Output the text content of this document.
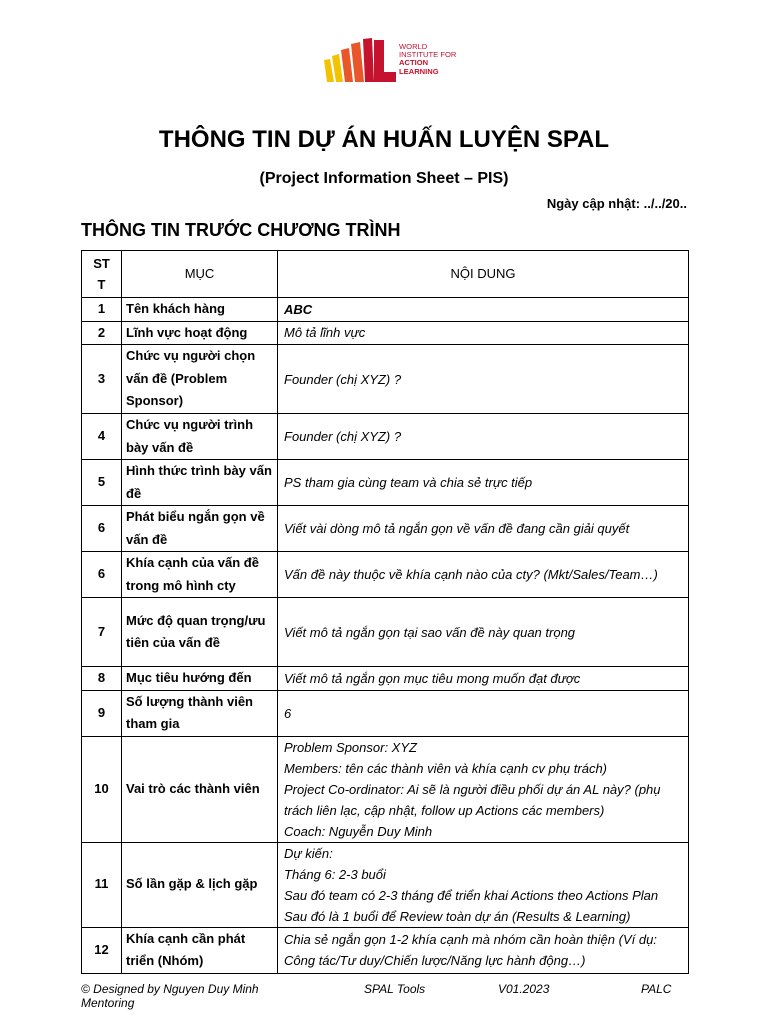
WORLD
INSTITUTE FOR
ACTION
LEARNING
THÔNG TIN DỰ ÁN HUẤN LUYỆN SPAL
(Project Information Sheet – PIS)
Ngày cập nhật: ../../20..
THÔNG TIN TRƯỚC CHƯƠNG TRÌNH
ST
T	MỤC	NỘI DUNG
1	Tên khách hàng	ABC

2	Lĩnh vực hoạt động	Mô tả lĩnh vực

3	Chức vụ người chọn vấn đề (Problem Sponsor)	Founder (chị XYZ) ?

4	Chức vụ người trình bày vấn đề	Founder (chị XYZ) ?

5	Hình thức trình bày vấn đề	PS tham gia cùng team và chia sẻ trực tiếp

6	Phát biểu ngắn gọn về vấn đề	Viết vài dòng mô tả ngắn gọn về vấn đề đang cần giải quyết

6	Khía cạnh của vấn đề trong mô hình cty	Vấn đề này thuộc về khía cạnh nào của cty? (Mkt/Sales/Team…)

7	Mức độ quan trọng/ưu tiên của vấn đề	Viết mô tả ngắn gọn tại sao vấn đề này quan trọng

8	Mục tiêu hướng đến	Viết mô tả ngắn gọn mục tiêu mong muốn đạt được

9	Số lượng thành viên tham gia	6

10	Vai trò các thành viên	Problem Sponsor: XYZ
Members: tên các thành viên và khía cạnh cv phụ trách)
Project Co-ordinator: Ai sẽ là người điều phối dự án AL này? (phụ trách liên lạc, cập nhật, follow up Actions các members)
Coach: Nguyễn Duy Minh

11	Số lần gặp & lịch gặp	Dự kiến:
Tháng 6: 2-3 buổi
Sau đó team có 2-3 tháng để triển khai Actions theo Actions Plan
Sau đó là 1 buổi để Review toàn dự án (Results & Learning)

12	Khía cạnh cần phát triển (Nhóm)	Chia sẻ ngắn gọn 1-2 khía cạnh mà nhóm cần hoàn thiện (Ví dụ: Công tác/Tư duy/Chiến lược/Năng lực hành động…)
© Designed by Nguyen Duy Minh Mentoring
SPAL Tools	V01.2023	PALC
